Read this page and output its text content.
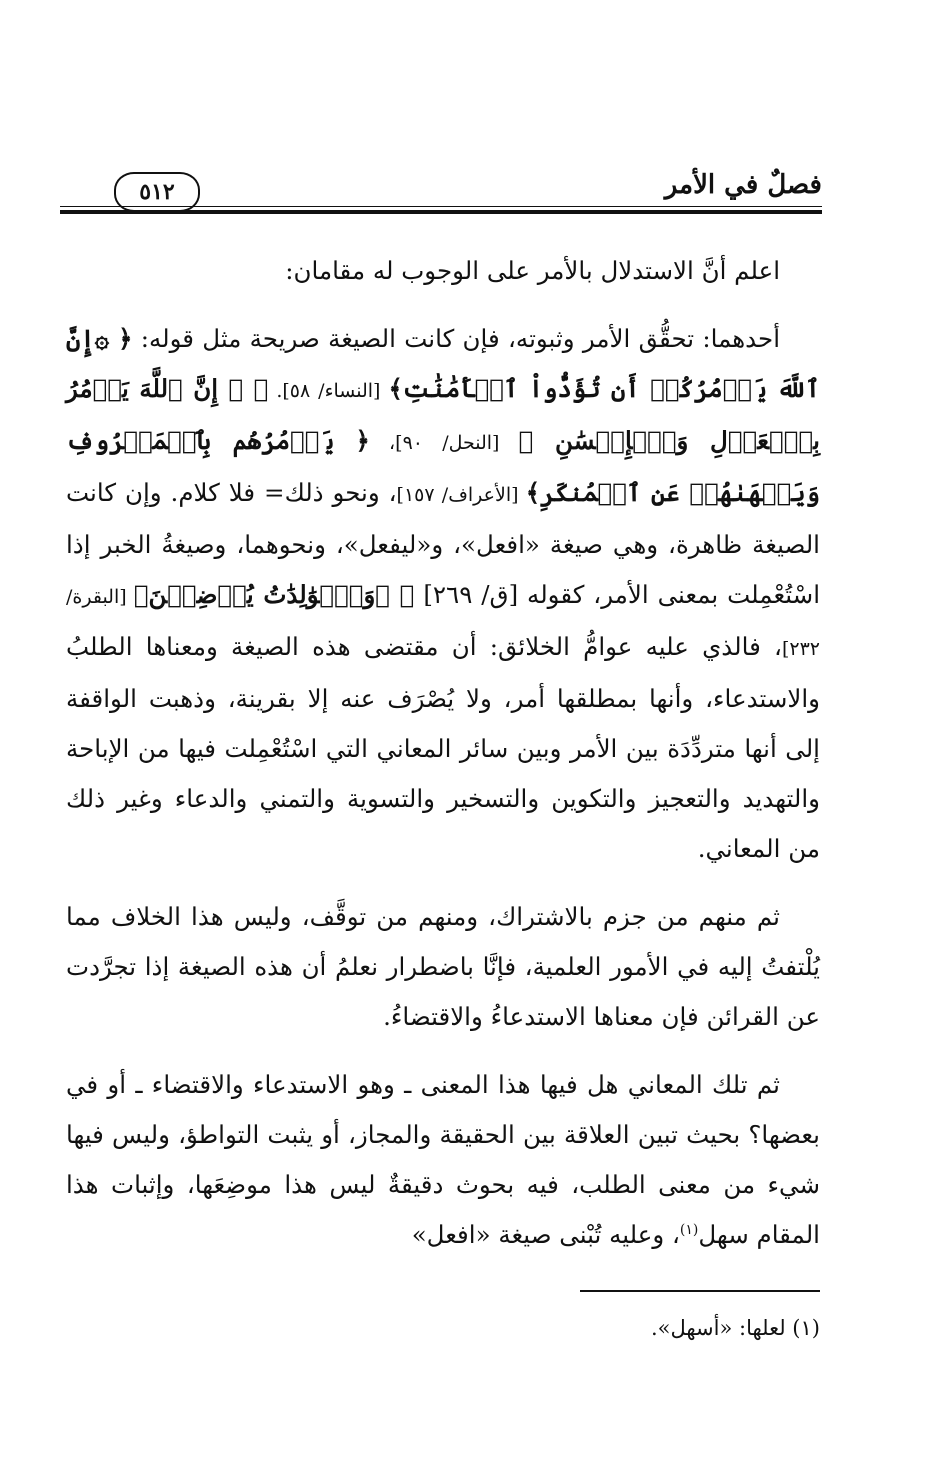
فصلٌ في الأمر
٥١٢

اعلم أنَّ الاستدلال بالأمر على الوجوب له مقامان:

أحدهما: تحقُّق الأمر وثبوته، فإن كانت الصيغة صريحة مثل قوله: ﴿ ۞إِنَّ ٱللَّهَ يَأۡمُرُكُمۡ أَن تُؤَدُّواْ ٱلۡأَمَٰنَٰتِ﴾ [النساء/ ٥٨]. ﴿ ۞ إِنَّ ٱللَّهَ يَأۡمُرُ بِٱلۡعَدۡلِ وَٱلۡإِحۡسَٰنِ ﴾ [النحل/ ٩٠]، ﴿ يَأۡمُرُهُم بِٱلۡمَعۡرُوفِ وَيَنۡهَىٰهُمۡ عَنِ ٱلۡمُنكَرِ﴾ [الأعراف/ ١٥٧]، ونحو ذلك= فلا كلام. وإن كانت الصيغة ظاهرة، وهي صيغة «افعل»، و«ليفعل»، ونحوهما، وصيغةُ الخبر إذا اسْتُعْمِلت بمعنى الأمر، كقوله [ق/ ٢٦٩] ﴿ ۞وَٱلۡوَٰلِدَٰتُ يُرۡضِعۡنَ﴾ [البقرة/ ٢٣٢]، فالذي عليه عوامُّ الخلائق: أن مقتضى هذه الصيغة ومعناها الطلبُ والاستدعاء، وأنها بمطلقها أمر، ولا يُصْرَف عنه إلا بقرينة، وذهبت الواقفة إلى أنها متردِّدَة بين الأمر وبين سائر المعاني التي اسْتُعْمِلت فيها من الإباحة والتهديد والتعجيز والتكوين والتسخير والتسوية والتمني والدعاء وغير ذلك من المعاني.

ثم منهم من جزم بالاشتراك، ومنهم من توقَّف، وليس هذا الخلاف مما يُلْتفتُ إليه في الأمور العلمية، فإنَّا باضطرار نعلمُ أن هذه الصيغة إذا تجرَّدت عن القرائن فإن معناها الاستدعاءُ والاقتضاءُ.

ثم تلك المعاني هل فيها هذا المعنى ـ وهو الاستدعاء والاقتضاء ـ أو في بعضها؟ بحيث تبين العلاقة بين الحقيقة والمجاز، أو يثبت التواطؤ، وليس فيها شيء من معنى الطلب، فيه بحوث دقيقةٌ ليس هذا موضِعَها، وإثبات هذا المقام سهل$^{(١)}$، وعليه تُبْنى صيغة «افعل»

(١) لعلها: «أسهل».
